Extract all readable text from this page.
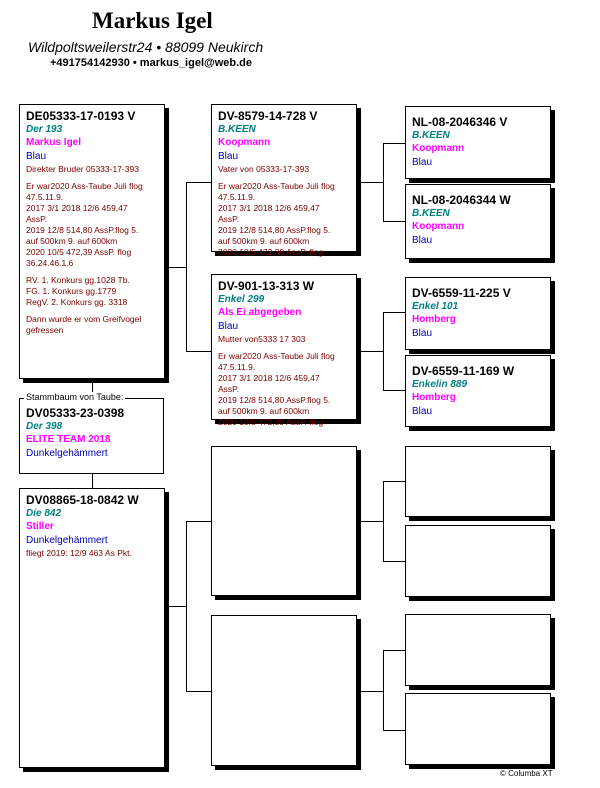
Markus Igel
Wildpoltsweilerstr24 • 88099 Neukirch
+491754142930 • markus_igel@web.de
DE05333-17-0193 V
Der 193
Markus Igel
Blau
Direkter Bruder 05333-17-393
Er war2020 Ass-Taube Juli flog
47.5.11.9.
2017 3/1 2018 12/6 459,47
AssP.
2019 12/8 514,80 AssP.flog 5.
auf 500km 9. auf 600km
2020 10/5 472,39 AssP. flog
36.24.46.1.6
RV. 1. Konkurs gg.1028 Tb.
FG. 1. Konkurs gg.1779
RegV. 2. Konkurs gg. 3318
Dann wurde er vom Greifvogel
gefressen
Stammbaum von Taube:
DV05333-23-0398
Der 398
ELITE TEAM 2018
Dunkelgehämmert
DV08865-18-0842 W
Die 842
Stiller
Dunkelgehämmert
fliegt 2019: 12/9 463 As Pkt.
DV-8579-14-728 V
B.KEEN
Koopmann
Blau
Vater von 05333-17-393
Er war2020 Ass-Taube Juli flog
47.5.11.9.
2017 3/1 2018 12/6 459,47
AssP.
2019 12/8 514,80 AssP.flog 5.
auf 500km 9. auf 600km
2020 10/5 472,39 AssP. flog
DV-901-13-313 W
Enkel 299
Als Ei abgegeben
Blau
Mutter von5333 17 303
Er war2020 Ass-Taube Juli flog
47.5.11.9.
2017 3/1 2018 12/6 459,47
AssP.
2019 12/8 514,80 AssP.flog 5.
auf 500km 9. auf 600km
2020 10/5 472,39 AssP. flog
NL-08-2046346 V
B.KEEN
Koopmann
Blau
NL-08-2046344 W
B.KEEN
Koopmann
Blau
DV-6559-11-225 V
Enkel 101
Homberg
Blau
DV-6559-11-169 W
Enkelin 889
Homberg
Blau
© Columba XT
